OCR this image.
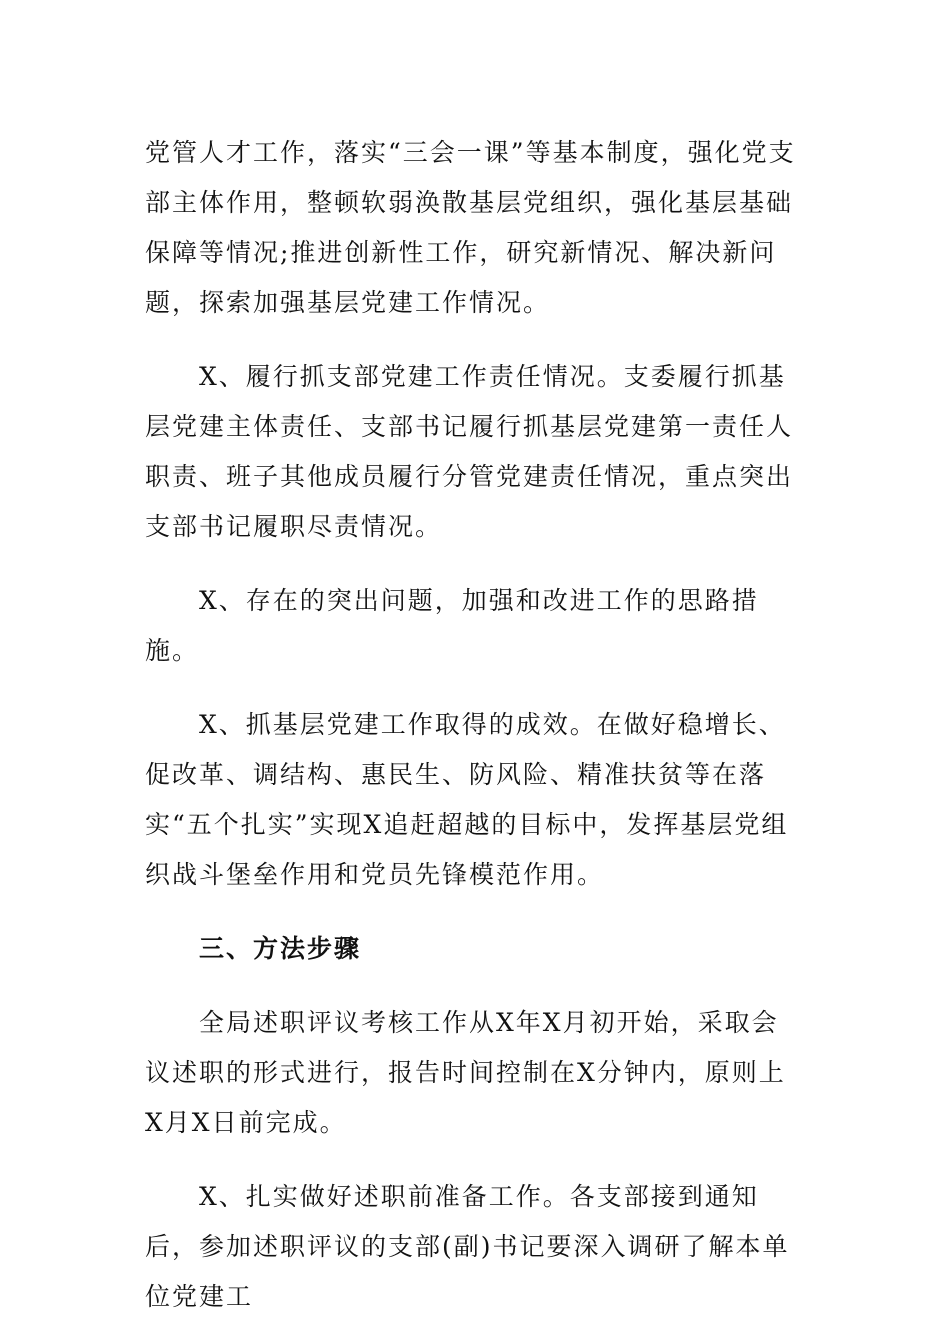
党管人才工作，落实“三会一课”等基本制度，强化党支部主体作用，整顿软弱涣散基层党组织，强化基层基础保障等情况;推进创新性工作，研究新情况、解决新问题，探索加强基层党建工作情况。

X、履行抓支部党建工作责任情况。支委履行抓基层党建主体责任、支部书记履行抓基层党建第一责任人职责、班子其他成员履行分管党建责任情况，重点突出支部书记履职尽责情况。

X、存在的突出问题，加强和改进工作的思路措施。

X、抓基层党建工作取得的成效。在做好稳增长、促改革、调结构、惠民生、防风险、精准扶贫等在落实“五个扎实”实现X追赶超越的目标中，发挥基层党组织战斗堡垒作用和党员先锋模范作用。

三、方法步骤

全局述职评议考核工作从X年X月初开始，采取会议述职的形式进行，报告时间控制在X分钟内，原则上X月X日前完成。

X、扎实做好述职前准备工作。各支部接到通知后，参加述职评议的支部(副)书记要深入调研了解本单位党建工
